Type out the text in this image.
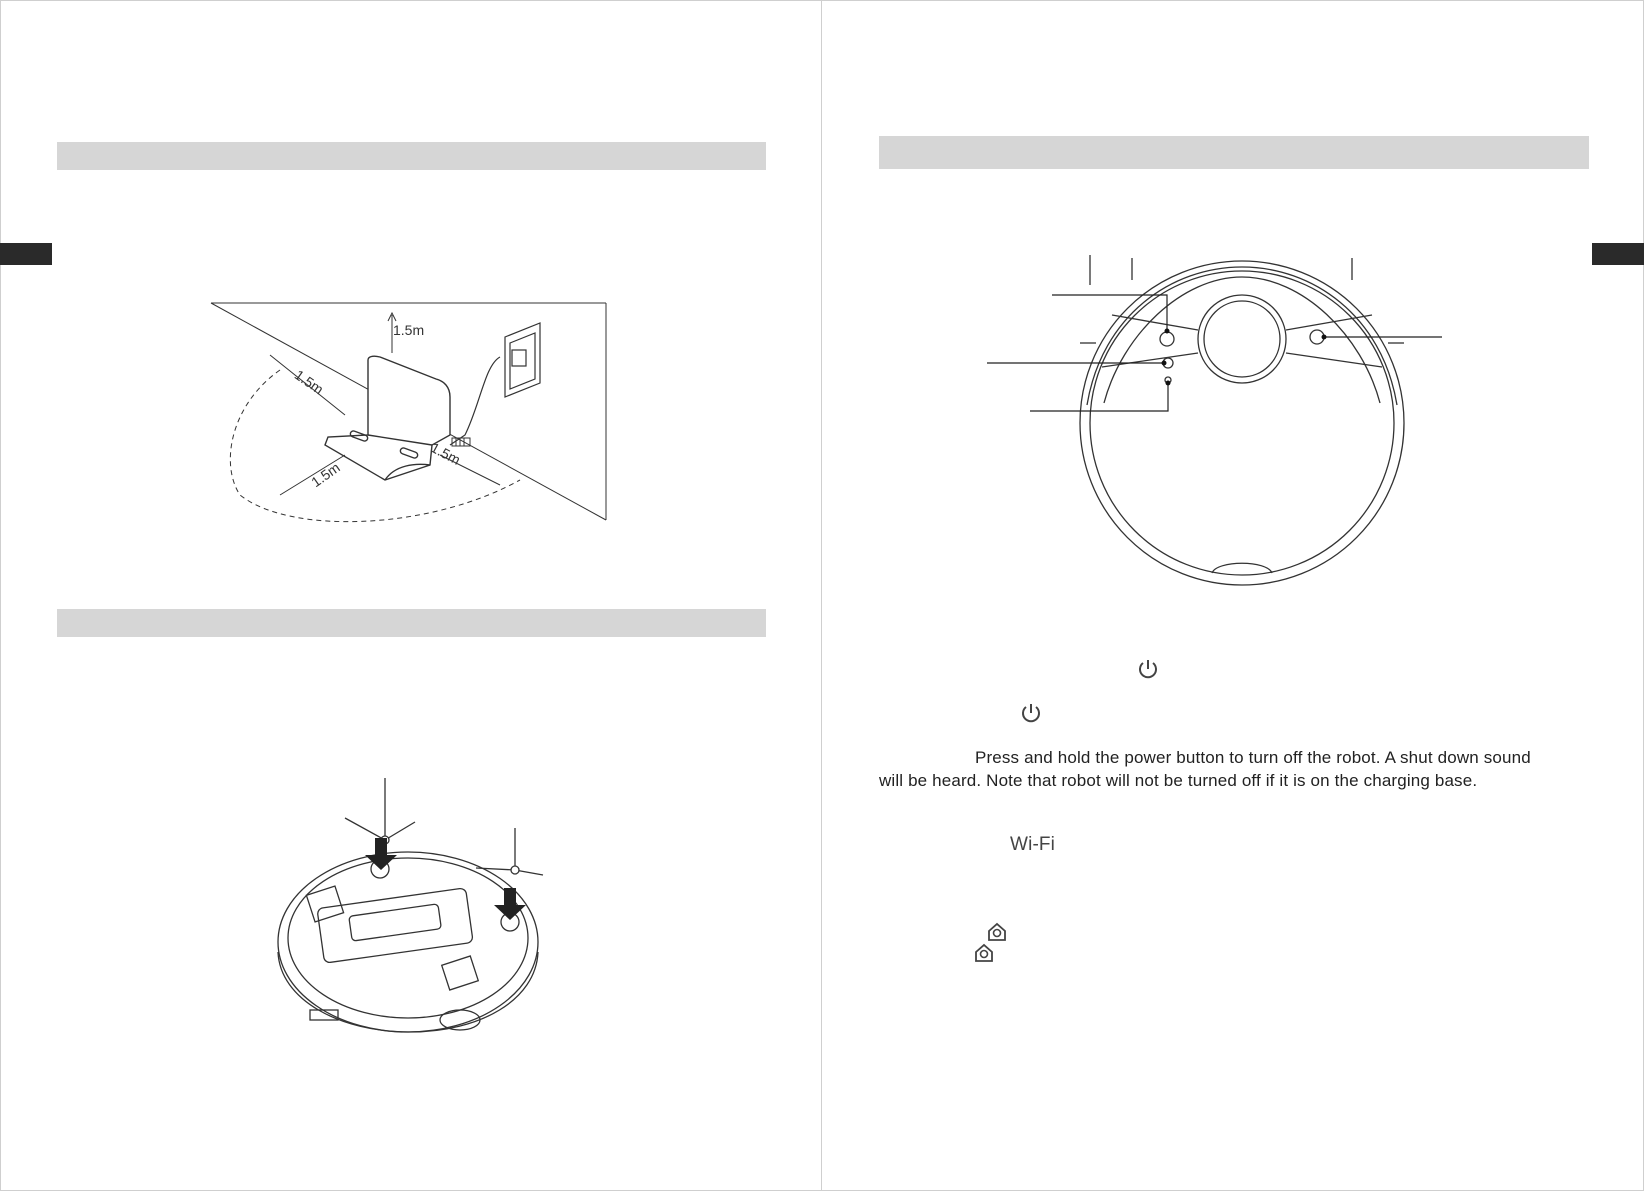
1.5m
1.5m
1.5m
1.5m
Press and hold the power button to turn off the robot. A shut down sound
will be heard. Note that robot will not be turned off if it is on the charging base.
Wi-Fi
